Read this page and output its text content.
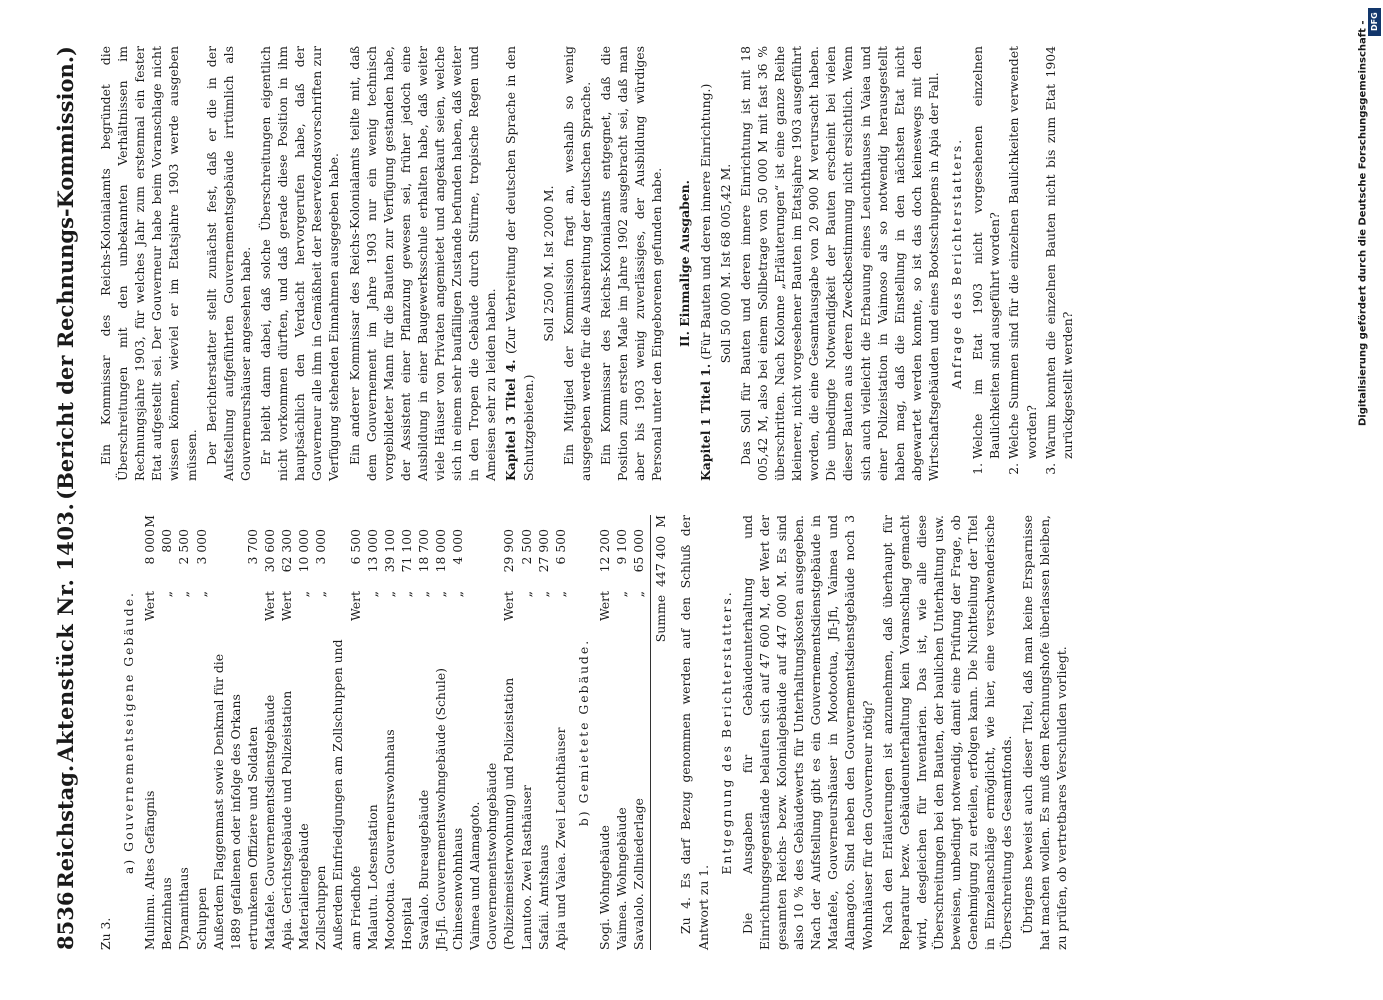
8536
Reichstag.
Aktenstück Nr. 1403.
(Bericht der Rechnungs-Kommission.)
Zu 3.
a) Gouvernementseigene Gebäude. Mulinnu. Altes Gefängnis
Wert
8 000
M
Benzinhaus
„
800
Dynamithaus
„
2 500
Schuppen
„
3 000
Außerdem Flaggenmast sowie Denkmal für die 1889 gefallenen oder infolge des Orkans ertrunkenen Offiziere und Soldaten
3 700
Matafele. Gouvernementsdienstgebäude
Wert
30 600
Apia. Gerichtsgebäude und Polizeistation
Wert
62 300
Materialiengebäude
„
10 000
Zollschuppen
„
3 000
Außerdem Einfriedigungen am Zollschuppen und am Friedhofe
Wert
6 500
Malautu. Lotsenstation
„
13 000
Mootootua. Gouverneurswohnhaus
„
39 100
Hospital
„
71 100
Savalalo. Bureaugebäude
„
18 700
Jfi-Jfi. Gouvernementswohngebäude (Schule)
„
18 000
Chinesenwohnhaus
„
4 000
Vaimea und Alamagoto. Gouvernementswohngebäude (Polizeimeisterwohnung) und Polizeistation
Wert
29 900
Lanutoo. Zwei Rasthäuser
„
2 500
Safaii. Amtshaus
„
27 900
Apia und Vaiea. Zwei Leuchthäuser
„
6 500
b) Gemietete Gebäude.
Sogi. Wohngebäude
Wert
12 200
Vaimea. Wohngebäude
„
9 100
Savalolo. Zollniederlage
„
65 000
Summe
447 400
M Zu 4. Es darf Bezug genommen werden auf den Schluß der Antwort zu 1.

Entgegnung des Berichterstatters. Die Ausgaben für Gebäudeunterhaltung und Einrichtungsgegenstände belaufen sich auf 47 600 M, der Wert der gesamten Reichs- bezw. Kolonialgebäude auf 447 000 M. Es sind also 10 % des Gebäudewerts für Unterhaltungskosten ausgegeben. Nach der Aufstellung gibt es ein Gouvernementsdienstgebäude in Matafele, Gouverneurshäuser in Mootootua, Jfi-Jfi, Vaimea und Alamagoto. Sind neben den Gouvernementsdienstgebäude noch 3 Wohnhäuser für den Gouverneur nötig? Nach den Erläuterungen ist anzunehmen, daß überhaupt für Reparatur bezw. Gebäudeunterhaltung kein Voranschlag gemacht wird, desgleichen für Inventarien. Das ist, wie alle diese Überschreitungen bei den Bauten, der baulichen Unterhaltung usw. beweisen, unbedingt notwendig, damit eine Prüfung der Frage, ob Genehmigung zu erteilen, erfolgen kann. Die Nichtteilung der Titel in Einzelanschläge ermöglicht, wie hier, eine verschwenderische Überschreitung des Gesamtfonds. Übrigens beweist auch dieser Titel, daß man keine Ersparnisse hat machen wollen. Es muß dem Rechnungshofe überlassen bleiben, zu prüfen, ob vertretbares Verschulden vorliegt.

Ein Kommissar des Reichs-Kolonialamts begründet die Überschreitungen mit den unbekannten Verhältnissen im Rechnungsjahre 1903, für welches Jahr zum erstenmal ein fester Etat aufgestellt sei. Der Gouverneur habe beim Voranschlage nicht wissen können, wieviel er im Etatsjahre 1903 werde ausgeben müssen. Der Berichterstatter stellt zunächst fest, daß er die in der Aufstellung aufgeführten Gouvernementsgebäude irrtümlich als Gouverneurshäuser angesehen habe. Er bleibt dann dabei, daß solche Überschreitungen eigentlich nicht vorkommen dürften, und daß gerade diese Position in ihm hauptsächlich den Verdacht hervorgerufen habe, daß der Gouverneur alle ihm in Gemäßheit der Reservefondsvorschriften zur Verfügung stehenden Einnahmen ausgegeben habe. Ein anderer Kommissar des Reichs-Kolonialamts teilte mit, daß dem Gouvernement im Jahre 1903 nur ein wenig technisch vorgebildeter Mann für die Bauten zur Verfügung gestanden habe, der Assistent einer Pflanzung gewesen sei, früher jedoch eine Ausbildung in einer Baugewerksschule erhalten habe, daß weiter viele Häuser von Privaten angemietet und angekauft seien, welche sich in einem sehr baufälligen Zustande befunden haben, daß weiter in den Tropen die Gebäude durch Stürme, tropische Regen und Ameisen sehr zu leiden haben. Kapitel 3 Titel 4. (Zur Verbreitung der deutschen Sprache in den Schutzgebieten.)

Soll 2500 M. Ist 2000 M. Ein Mitglied der Kommission fragt an, weshalb so wenig ausgegeben werde für die Ausbreitung der deutschen Sprache. Ein Kommissar des Reichs-Kolonialamts entgegnet, daß die Position zum ersten Male im Jahre 1902 ausgebracht sei, daß man aber bis 1903 wenig zuverlässiges, der Ausbildung würdiges Personal unter den Eingeborenen gefunden habe. II. Einmalige Ausgaben.

Kapitel 1 Titel 1. (Für Bauten und deren innere Einrichtung.) Soll 50 000 M. Ist 68 005,42 M. Das Soll für Bauten und deren innere Einrichtung ist mit 18 005,42 M, also bei einem Sollbetrage von 50 000 M mit fast 36 % überschritten. Nach Kolonne „Erläuterungen“ ist eine ganze Reihe kleinerer, nicht vorgesehener Bauten im Etatsjahre 1903 ausgeführt worden, die eine Gesamtausgabe von 20 900 M verursacht haben. Die unbedingte Notwendigkeit der Bauten erscheint bei vielen dieser Bauten aus deren Zweckbestimmung nicht ersichtlich. Wenn sich auch vielleicht die Erbauung eines Leuchthauses in Vaiea und einer Polizeistation in Vaimoso als so notwendig herausgestellt haben mag, daß die Einstellung in den nächsten Etat nicht abgewartet werden konnte, so ist das doch keineswegs mit den Wirtschaftsgebäuden und eines Bootsschuppens in Apia der Fall. Anfrage des Berichterstatters. 1. Welche im Etat 1903 nicht vorgesehenen einzelnen Baulichkeiten sind ausgeführt worden? 2. Welche Summen sind für die einzelnen Baulichkeiten verwendet worden? 3. Warum konnten die einzelnen Bauten nicht bis zum Etat 1904 zurückgestellt werden?	Digitalisierung gefördert durch die Deutsche Forschungsgemeinschaft - DFG
